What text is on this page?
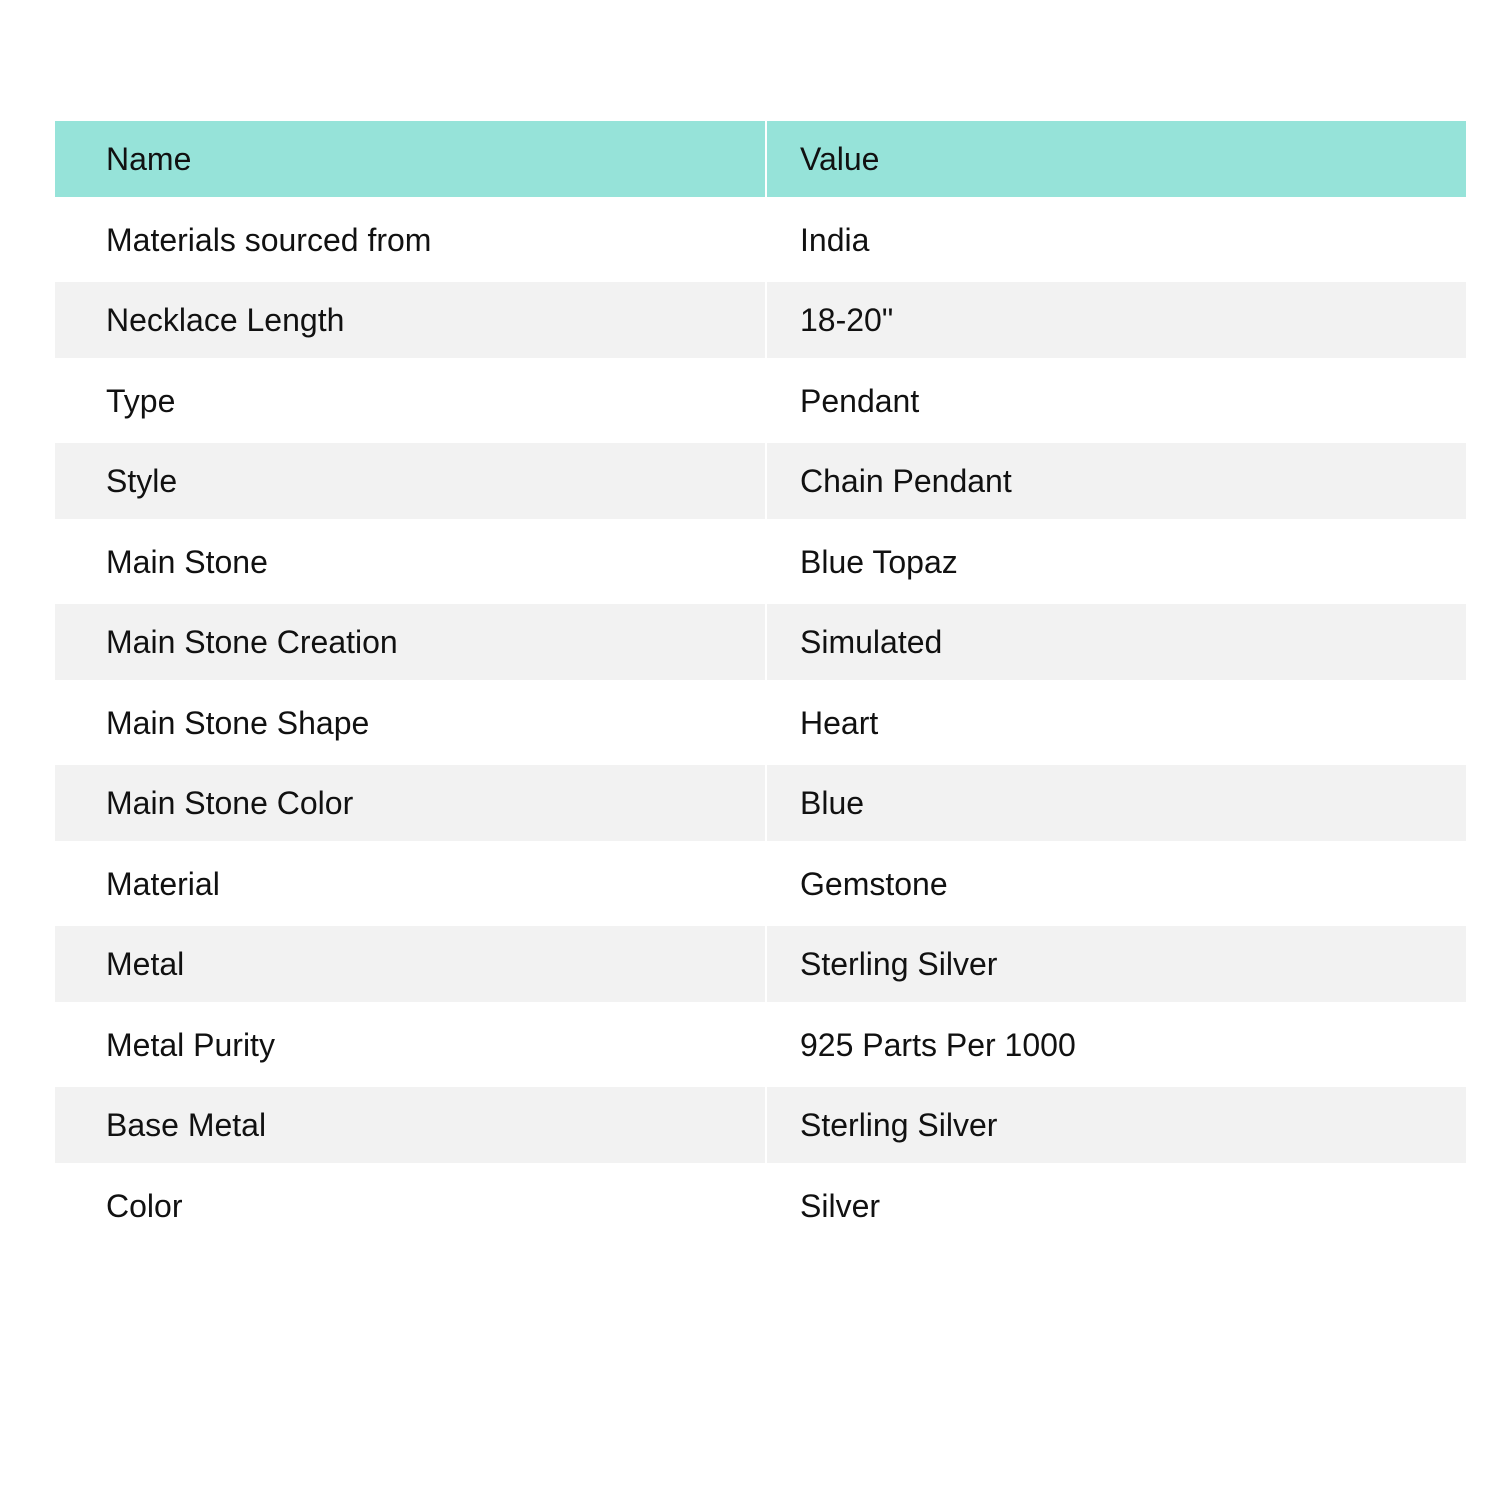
Name	Value
Materials sourced from	India
Necklace Length	18-20"
Type	Pendant
Style	Chain Pendant
Main Stone	Blue Topaz
Main Stone Creation	Simulated
Main Stone Shape	Heart
Main Stone Color	Blue
Material	Gemstone
Metal	Sterling Silver
Metal Purity	925 Parts Per 1000
Base Metal	Sterling Silver
Color	Silver
